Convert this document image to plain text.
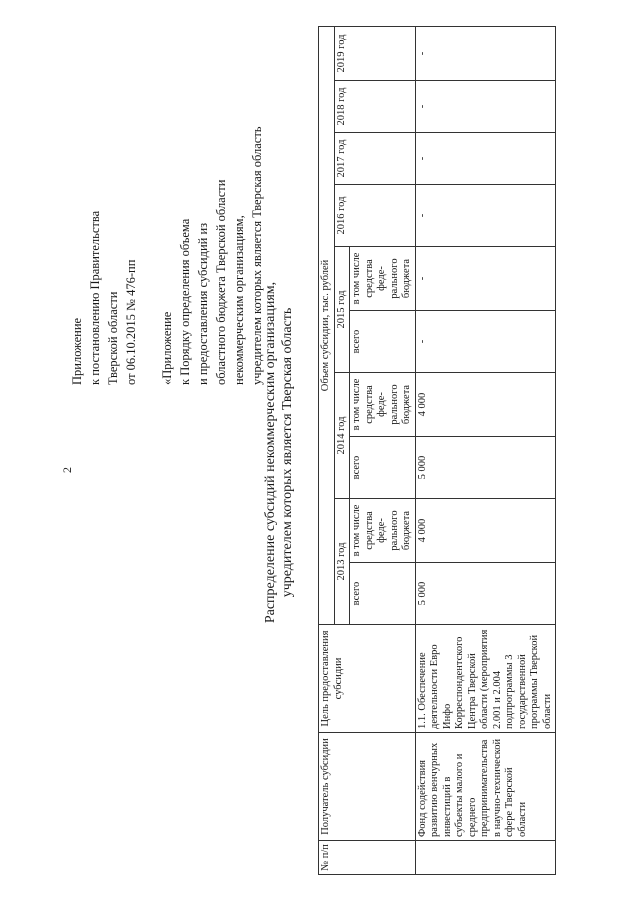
2
Приложение к постановлению Правительства Тверской области от 06.10.2015 № 476-пп «Приложение к Порядку определения объема и предоставления субсидий из областного бюджета Тверской области некоммерческим организациям, учредителем которых является Тверская область
Распределение субсидий некоммерческим организациям, учредителем которых является Тверская область
№ п/п	Получатель субсидии	Цель предоставления субсидии	Объем субсидии, тыс. рублей									
			2013 год		2014 год		2015 год		2016 год	2017 год	2018 год	2019 год
			всего	в том числе средства феде- рального бюджета	всего	в том числе средства феде- рального бюджета	всего	в том числе средства феде- рального бюджета				
	Фонд содействия развитию венчурных инвестиций в субъекты малого и среднего предпринимательства в научно-технической сфере Тверской области	1.1. Обеспечение деятельности Евро Инфо Корреспондентского Центра Тверской области (мероприятия 2.001 и 2.004 подпрограммы 3 государственной программы Тверской области	5 000	4 000	5 000	4 000	-	-	-	-	-	-
